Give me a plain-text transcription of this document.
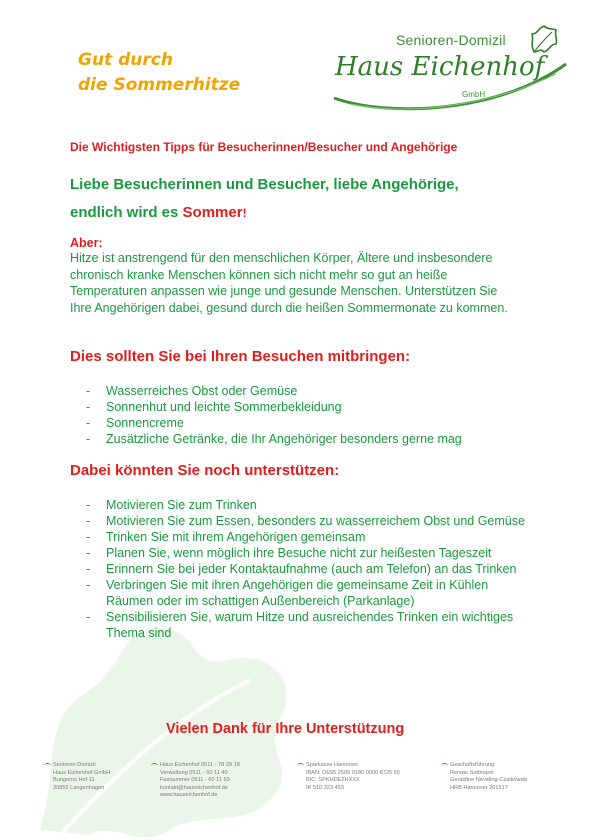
Gut durch
die Sommerhitze
Senioren-Domizil
Haus Eichenhof
GmbH
Die Wichtigsten Tipps für Besucherinnen/Besucher und Angehörige
Liebe Besucherinnen und Besucher, liebe Angehörige,
endlich wird es Sommer!
Aber:

Hitze ist anstrengend für den menschlichen Körper, Ältere und insbesondere chronisch kranke Menschen können sich nicht mehr so gut an heiße Temperaturen anpassen wie junge und gesunde Menschen. Unterstützen Sie Ihre Angehörigen dabei, gesund durch die heißen Sommermonate zu kommen.

Dies sollten Sie bei Ihren Besuchen mitbringen:
- Wasserreiches Obst oder Gemüse
- Sonnenhut und leichte Sommerbekleidung
- Sonnencreme
- Zusätzliche Getränke, die Ihr Angehöriger besonders gerne mag
Dabei könnten Sie noch unterstützen:
- Motivieren Sie zum Trinken
- Motivieren Sie zum Essen, besonders zu wasserreichem Obst und Gemüse
- Trinken Sie mit ihrem Angehörigen gemeinsam
- Planen Sie, wenn möglich ihre Besuche nicht zur heißesten Tageszeit
- Erinnern Sie bei jeder Kontaktaufnahme (auch am Telefon) an das Trinken
- Verbringen Sie mit ihren Angehörigen die gemeinsame Zeit in Kühlen Räumen oder im schattigen Außenbereich (Parkanlage)
- Sensibilisieren Sie, warum Hitze und ausreichendes Trinken ein wichtiges Thema sind
Vielen Dank für Ihre Unterstützung
Senioren-Domizil
Haus Eichenhof GmbH
Bungerns Hof 11
30855 Langenhagen
Haus Eichenhof 0511 - 78 29 18
Verwaltung 0511 - 60 11 40
Faxnummer 0511 - 60 11 59
kontakt@hauseichenhof.de
www.hauseichenhof.de
Sparkasse Hannover
IBAN: DE95 2505 0180 0000 8725 55
BIC: SPKHDE2HXXX
IK 510 323 453
Geschäftsführung:
Renate Sottmann
Geraldine Neveling-Czaikowski
HRB Hannover 201517
